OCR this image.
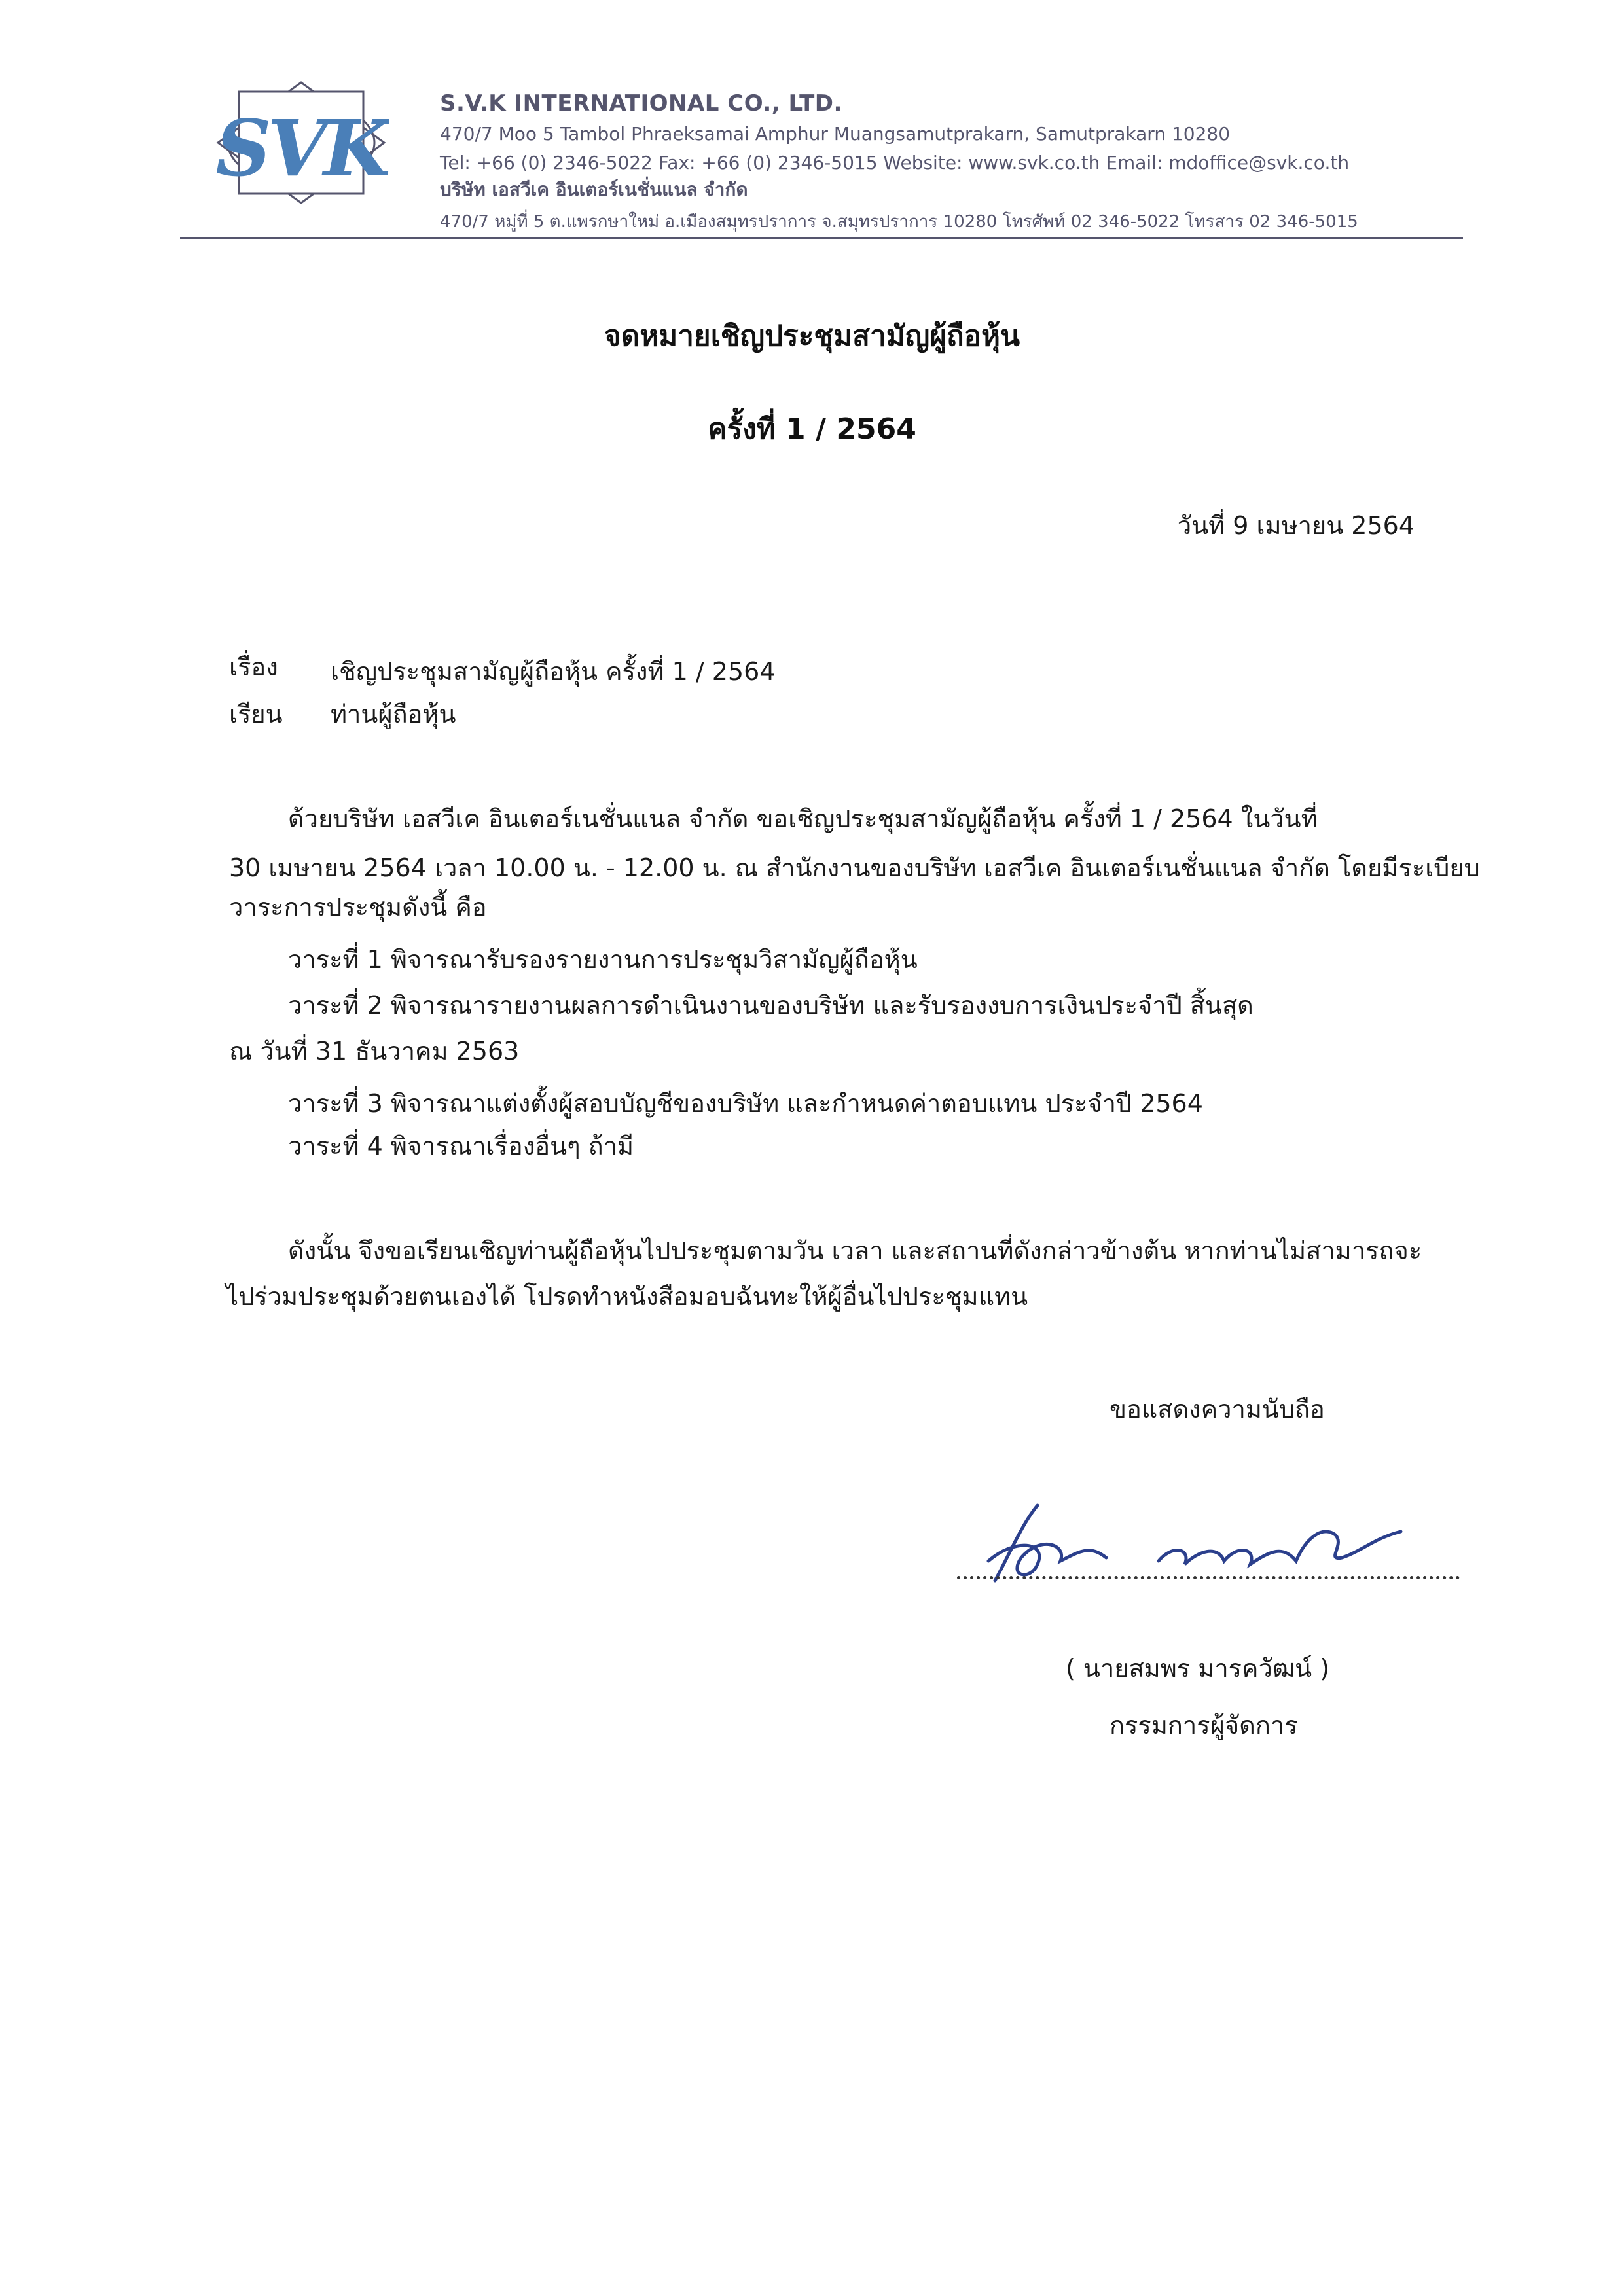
SVK	S.V.K INTERNATIONAL CO., LTD.
470/7 Moo 5 Tambol Phraeksamai Amphur Muangsamutprakarn, Samutprakarn 10280
Tel: +66 (0) 2346-5022 Fax: +66 (0) 2346-5015 Website: www.svk.co.th Email: mdoffice@svk.co.th
บริษัท เอสวีเค อินเตอร์เนชั่นแนล จำกัด
470/7 หมู่ที่ 5 ต.แพรกษาใหม่ อ.เมืองสมุทรปราการ จ.สมุทรปราการ 10280 โทรศัพท์ 02 346-5022 โทรสาร 02 346-5015
จดหมายเชิญประชุมสามัญผู้ถือหุ้น
ครั้งที่ 1 / 2564
วันที่ 9 เมษายน 2564
เรื่อง เชิญประชุมสามัญผู้ถือหุ้น ครั้งที่ 1 / 2564
เรียน ท่านผู้ถือหุ้น
ด้วยบริษัท เอสวีเค อินเตอร์เนชั่นแนล จำกัด ขอเชิญประชุมสามัญผู้ถือหุ้น ครั้งที่ 1 / 2564 ในวันที่
30 เมษายน 2564 เวลา 10.00 น. - 12.00 น. ณ สำนักงานของบริษัท เอสวีเค อินเตอร์เนชั่นแนล จำกัด โดยมีระเบียบ
วาระการประชุมดังนี้ คือ
วาระที่ 1 พิจารณารับรองรายงานการประชุมวิสามัญผู้ถือหุ้น
วาระที่ 2 พิจารณารายงานผลการดำเนินงานของบริษัท และรับรองงบการเงินประจำปี สิ้นสุด
ณ วันที่ 31 ธันวาคม 2563
วาระที่ 3 พิจารณาแต่งตั้งผู้สอบบัญชีของบริษัท และกำหนดค่าตอบแทน ประจำปี 2564
วาระที่ 4 พิจารณาเรื่องอื่นๆ ถ้ามี
ดังนั้น จึงขอเรียนเชิญท่านผู้ถือหุ้นไปประชุมตามวัน เวลา และสถานที่ดังกล่าวข้างต้น หากท่านไม่สามารถจะ
ไปร่วมประชุมด้วยตนเองได้ โปรดทำหนังสือมอบฉันทะให้ผู้อื่นไปประชุมแทน
ขอแสดงความนับถือ
( นายสมพร มารควัฒน์ )
กรรมการผู้จัดการ
